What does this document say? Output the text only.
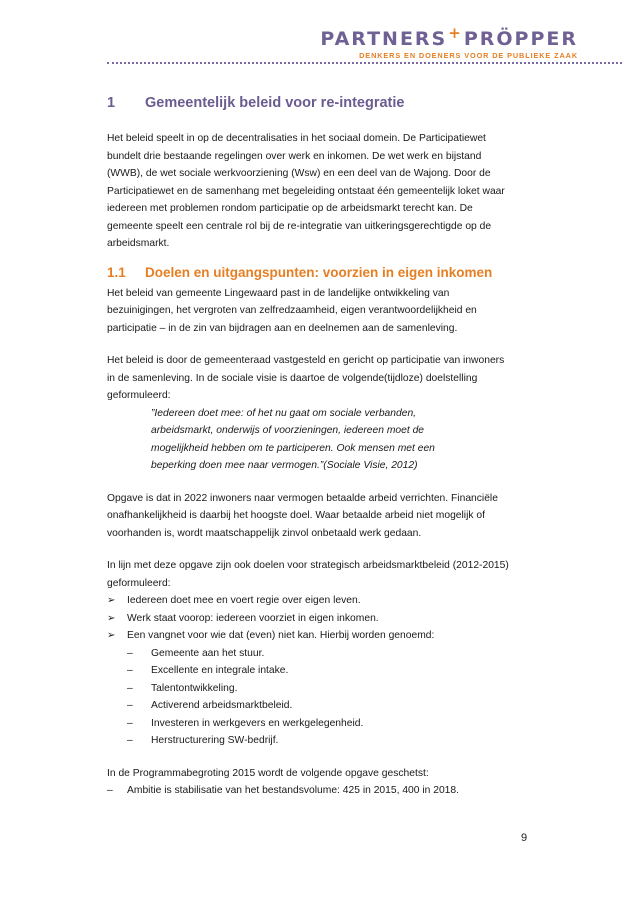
PARTNERS+PRÖPPER
DENKERS EN DOENERS VOOR DE PUBLIEKE ZAAK
1 Gemeentelijk beleid voor re-integratie

Het beleid speelt in op de decentralisaties in het sociaal domein. De Participatiewet

bundelt drie bestaande regelingen over werk en inkomen. De wet werk en bijstand

(WWB), de wet sociale werkvoorziening (Wsw) en een deel van de Wajong. Door de

Participatiewet en de samenhang met begeleiding ontstaat één gemeentelijk loket waar

iedereen met problemen rondom participatie op de arbeidsmarkt terecht kan. De

gemeente speelt een centrale rol bij de re-integratie van uitkeringsgerechtigde op de

arbeidsmarkt.

1.1 Doelen en uitgangspunten: voorzien in eigen inkomen

Het beleid van gemeente Lingewaard past in de landelijke ontwikkeling van

bezuinigingen, het vergroten van zelfredzaamheid, eigen verantwoordelijkheid en

participatie – in de zin van bijdragen aan en deelnemen aan de samenleving.

Het beleid is door de gemeenteraad vastgesteld en gericht op participatie van inwoners

in de samenleving. In de sociale visie is daartoe de volgende(tijdloze) doelstelling

geformuleerd:

”Iedereen doet mee: of het nu gaat om sociale verbanden,

arbeidsmarkt, onderwijs of voorzieningen, iedereen moet de

mogelijkheid hebben om te participeren. Ook mensen met een

beperking doen mee naar vermogen.”(Sociale Visie, 2012)

Opgave is dat in 2022 inwoners naar vermogen betaalde arbeid verrichten. Financiële

onafhankelijkheid is daarbij het hoogste doel. Waar betaalde arbeid niet mogelijk of

voorhanden is, wordt maatschappelijk zinvol onbetaald werk gedaan.

In lijn met deze opgave zijn ook doelen voor strategisch arbeidsmarktbeleid (2012-2015)

geformuleerd:

➢ Iedereen doet mee en voert regie over eigen leven.
➢ Werk staat voorop: iedereen voorziet in eigen inkomen.
➢ Een vangnet voor wie dat (even) niet kan. Hierbij worden genoemd:
– Gemeente aan het stuur.
– Excellente en integrale intake.
– Talentontwikkeling.
– Activerend arbeidsmarktbeleid.
– Investeren in werkgevers en werkgelegenheid.
– Herstructurering SW-bedrijf.

In de Programmabegroting 2015 wordt de volgende opgave geschetst:

– Ambitie is stabilisatie van het bestandsvolume: 425 in 2015, 400 in 2018.
9
